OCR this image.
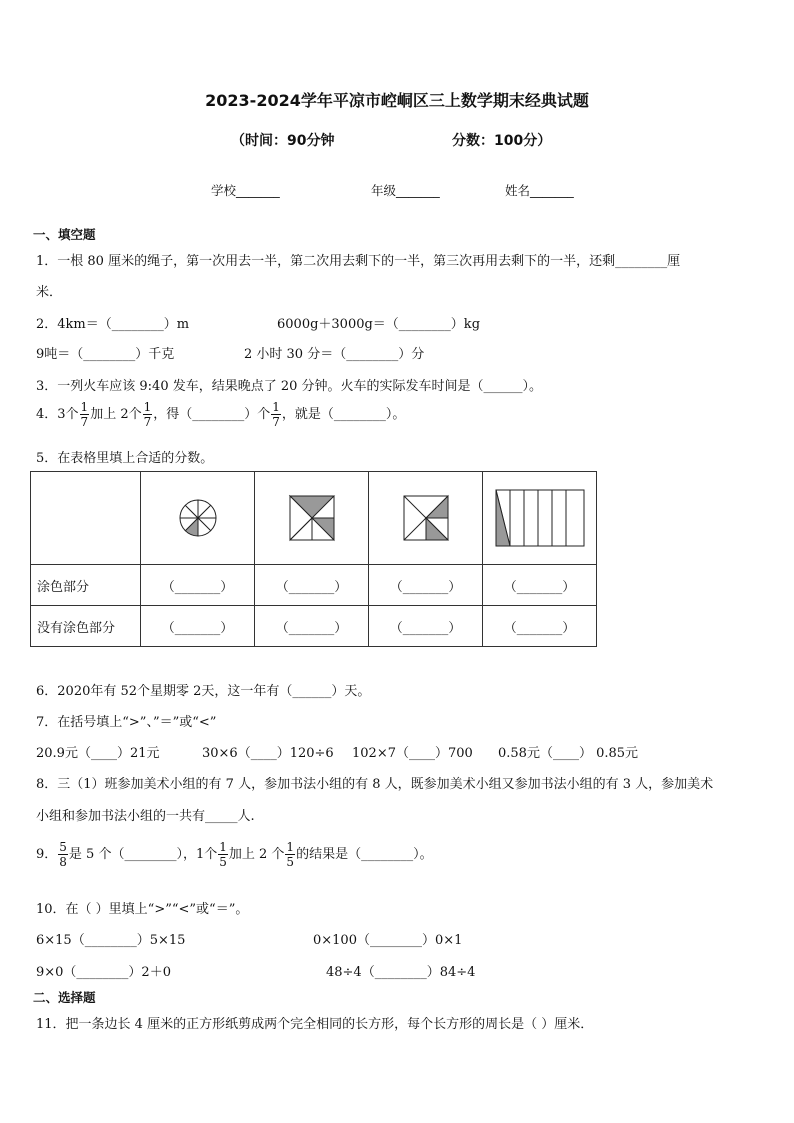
2023-2024学年平凉市崆峒区三上数学期末经典试题
（时间：90分钟	分数：100分）
学校_______	年级_______	姓名_______
一、填空题
1．一根 80 厘米的绳子，第一次用去一半，第二次用去剩下的一半，第三次再用去剩下的一半，还剩________厘
米．
2．4km＝（________）m	6000g＋3000g＝（________）kg
9吨＝（________）千克	2 小时 30 分＝（________）分
3．一列火车应该 9:40 发车，结果晚点了 20 分钟。火车的实际发车时间是（______）。
4．3个 $\frac{1}{7}$ 加上 2个 $\frac{1}{7}$ ，得（________）个 $\frac{1}{7}$ ，就是（________）。
5．在表格里填上合适的分数。

涂色部分	（_______）	（_______）	（_______）	（_______）
没有涂色部分	（_______）	（_______）	（_______）	（_______）
6．2020年有 52个星期零 2天，这一年有（______）天。
7．在括号填上“>”、”＝”或“<”
20.9元（____）21元	30×6（____）120÷6 102×7（____）700 0.58元（____） 0.85元
8．三（1）班参加美术小组的有 7 人，参加书法小组的有 8 人，既参加美术小组又参加书法小组的有 3 人，参加美术
小组和参加书法小组的一共有_____人.
9． $\frac{5}{8}$ 是 5 个（________），1个 $\frac{1}{5}$ 加上 2 个 $\frac{1}{5}$ 的结果是（________）。
10．在（ ）里填上“>”“<”或“＝”。
6×15（________）5×15	0×100（________）0×1
9×0（________）2＋0	48÷4（________）84÷4
二、选择题
11．把一条边长 4 厘米的正方形纸剪成两个完全相同的长方形，每个长方形的周长是（ ）厘米．
